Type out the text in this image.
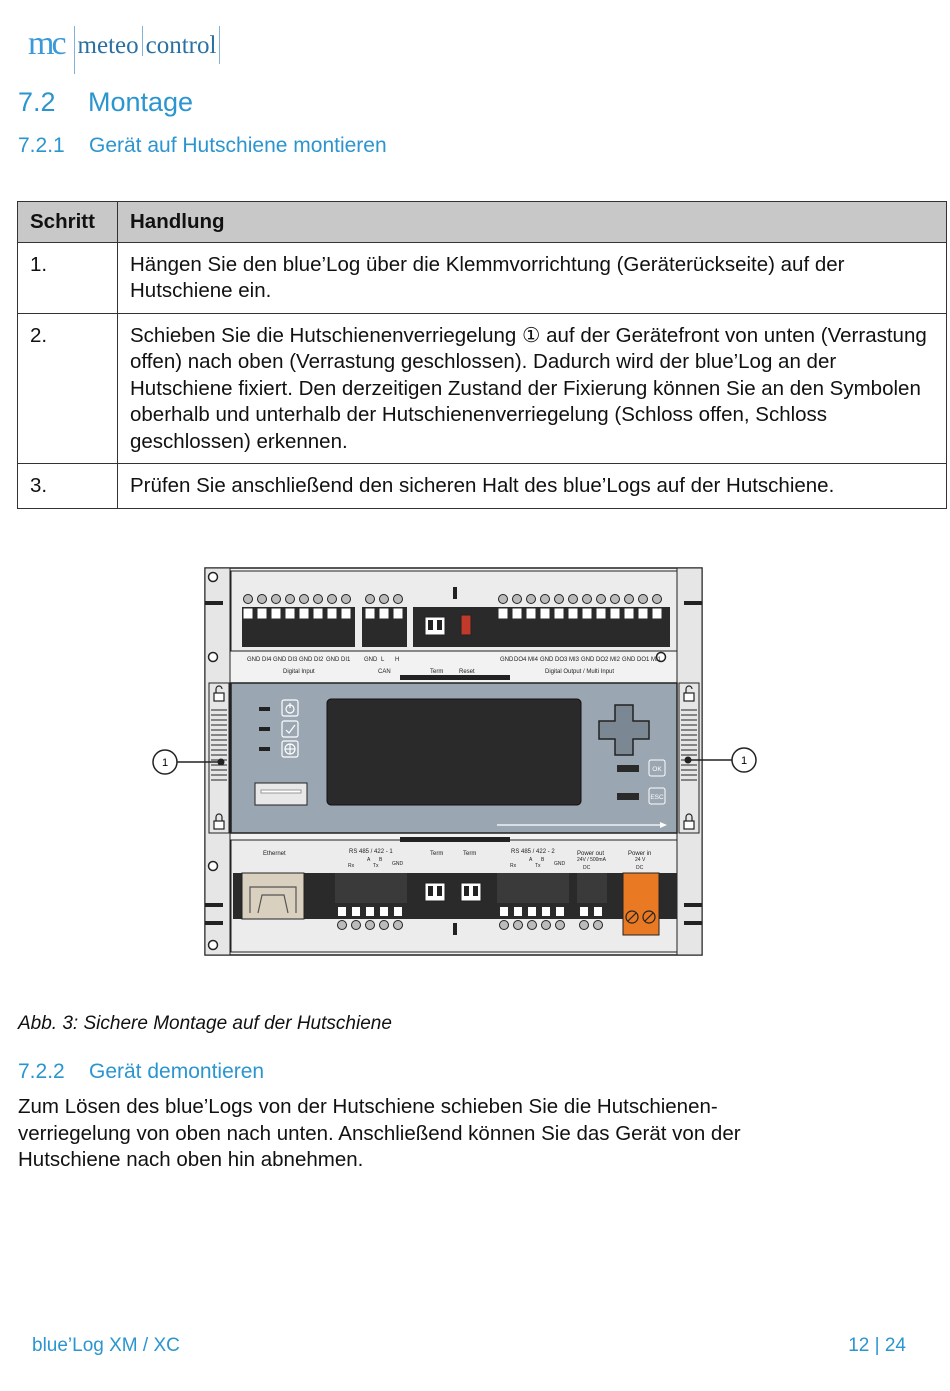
mc meteo control
7.2 Montage
7.2.1 Gerät auf Hutschiene montieren
Schritt	Handlung
1.	Hängen Sie den blue’Log über die Klemmvorrichtung (Geräterückseite) auf der Hutschiene ein.
2.	Schieben Sie die Hutschienenverriegelung ① auf der Gerätefront von unten (Verrastung offen) nach oben (Verrastung geschlossen). Dadurch wird der blue’Log an der Hutschiene fixiert. Den derzeitigen Zustand der Fixierung können Sie an den Symbolen oberhalb und unterhalb der Hutschienenverriegelung (Schloss offen, Schloss geschlossen) erkennen.
3.	Prüfen Sie anschließend den sicheren Halt des blue’Logs auf der Hutschiene.
GND DI4 GND DI3 GND DI2 GND DI1 GND L H	GND DO4 MI4 GND DO3 MI3 GND DO2 MI2 GND DO1 MI1
Digital Input	CAN	Term	Reset	Digital Output / Multi Input
OK
ESC
1	1
Ethernet	RS 485 / 422 - 1	Term	Term	RS 485 / 422 - 2	Power out	Power in
A B
Rx	Tx	GND
A B
Rx	Tx	GND
24V / 500mA
DC
24 V
DC
Abb. 3: Sichere Montage auf der Hutschiene
7.2.2 Gerät demontieren

Zum Lösen des blue’Logs von der Hutschiene schieben Sie die Hutschienen-verriegelung von oben nach unten. Anschließend können Sie das Gerät von der Hutschiene nach oben hin abnehmen.

blue’Log XM / XC	12 | 24
